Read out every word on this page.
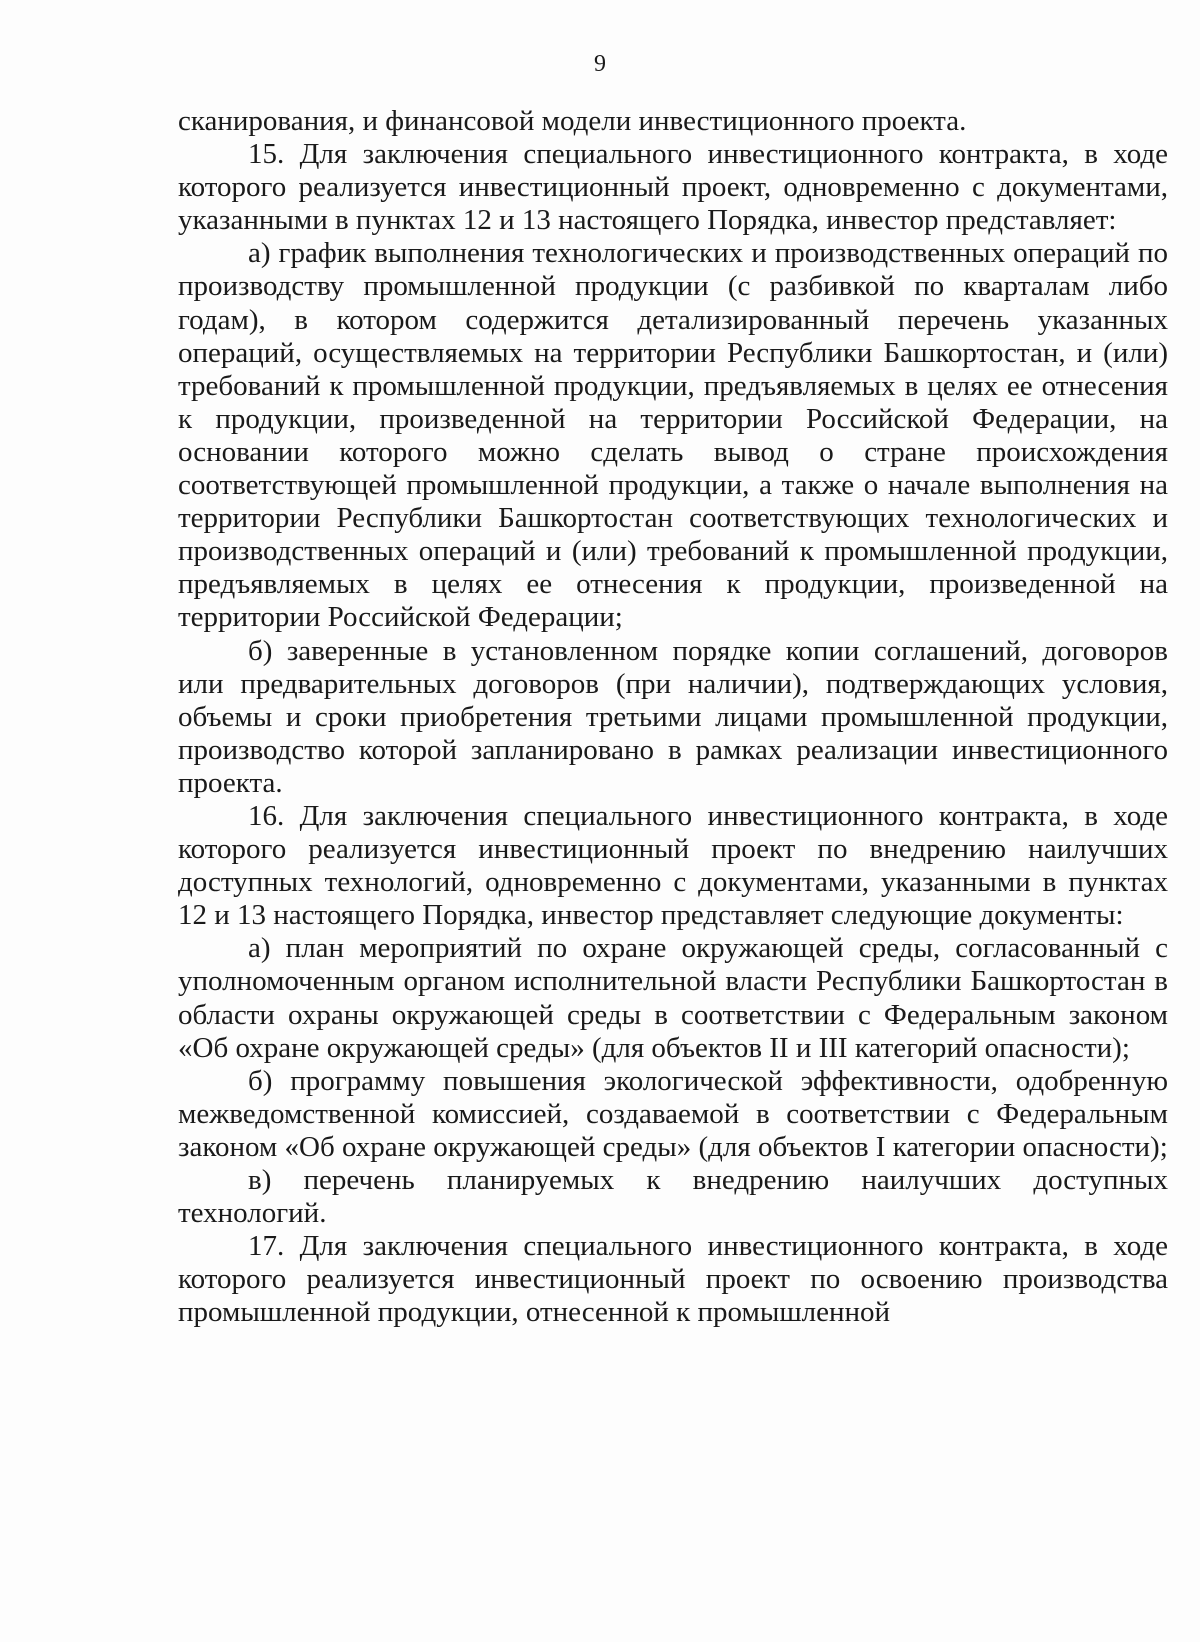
9

сканирования, и финансовой модели инвестиционного проекта.

15. Для заключения специального инвестиционного контракта, в ходе которого реализуется инвестиционный проект, одновременно с документами, указанными в пунктах 12 и 13 настоящего Порядка, инвестор представляет:

а) график выполнения технологических и производственных операций по производству промышленной продукции (с разбивкой по кварталам либо годам), в котором содержится детализированный перечень указанных операций, осуществляемых на территории Республики Башкортостан, и (или) требований к промышленной продукции, предъявляемых в целях ее отнесения к продукции, произведенной на территории Российской Федерации, на основании которого можно сделать вывод о стране происхождения соответствующей промышленной продукции, а также о начале выполнения на территории Республики Башкортостан соответствующих технологических и производственных операций и (или) требований к промышленной продукции, предъявляемых в целях ее отнесения к продукции, произведенной на территории Российской Федерации;

б) заверенные в установленном порядке копии соглашений, договоров или предварительных договоров (при наличии), подтверждающих условия, объемы и сроки приобретения третьими лицами промышленной продукции, производство которой запланировано в рамках реализации инвестиционного проекта.

16. Для заключения специального инвестиционного контракта, в ходе которого реализуется инвестиционный проект по внедрению наилучших доступных технологий, одновременно с документами, указанными в пунктах 12 и 13 настоящего Порядка, инвестор представляет следующие документы:

а) план мероприятий по охране окружающей среды, согласованный с уполномоченным органом исполнительной власти Республики Башкортостан в области охраны окружающей среды в соответствии с Федеральным законом «Об охране окружающей среды» (для объектов II и III категорий опасности);

б) программу повышения экологической эффективности, одобренную межведомственной комиссией, создаваемой в соответствии с Федеральным законом «Об охране окружающей среды» (для объектов I категории опасности);

в) перечень планируемых к внедрению наилучших доступных технологий.

17. Для заключения специального инвестиционного контракта, в ходе которого реализуется инвестиционный проект по освоению производства промышленной продукции, отнесенной к промышленной
